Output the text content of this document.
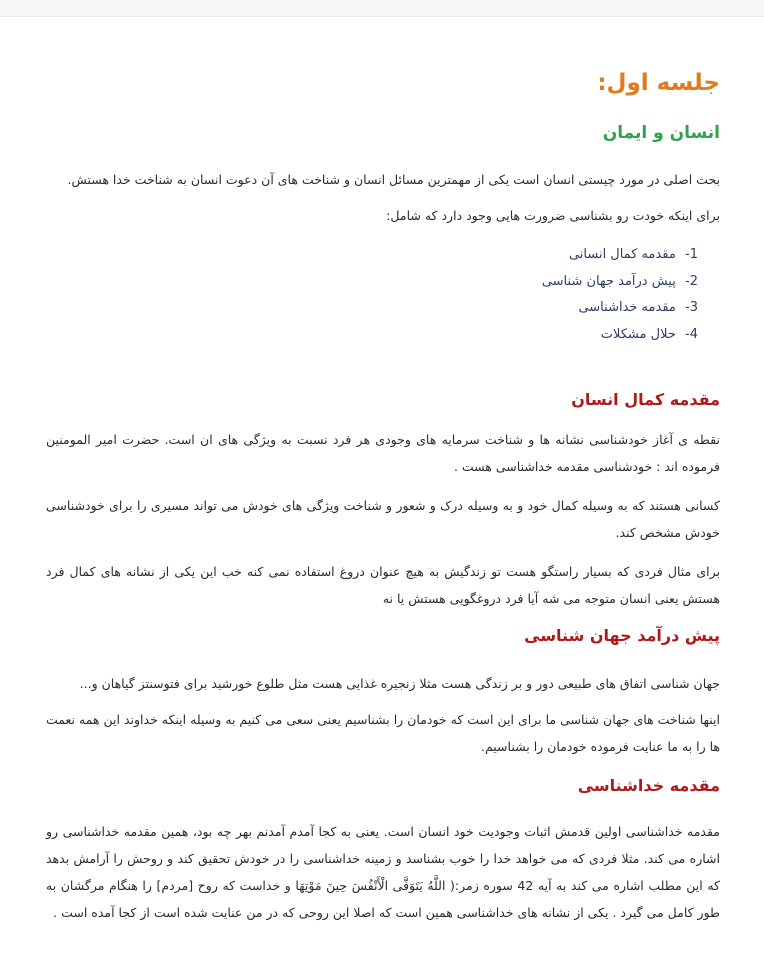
جلسه اول:
انسان و ایمان

بحث اصلی در مورد چیستی انسان است یکی از مهمترین مسائل انسان و شناخت های آن دعوت انسان به شناخت خدا هستش.

برای اینکه خودت رو بشناسی ضرورت هایی وجود دارد که شامل:

1- مقدمه کمال انسانی
2- پیش درآمد جهان شناسی
3- مقدمه خداشناسی
4- حلال مشکلات
مقدمه کمال انسان

نقطه ی آغاز خودشناسی نشانه ها و شناخت سرمایه های وجودی هر فرد نسبت به ویژگی های ان است. حضرت امیر المومنین فرموده اند : خودشناسی مقدمه خداشناسی هست .

کسانی هستند که به وسیله کمال خود و به وسیله درک و شعور و شناخت ویژگی های خودش می تواند مسیری را برای خودشناسی خودش مشخص کند.

برای مثال فردی که بسیار راستگو هست تو زندگیش به هیچ عنوان دروغ استفاده نمی کنه خب این یکی از نشانه های کمال فرد هستش یعنی انسان متوجه می شه آیا فرد دروغگویی هستش یا نه

پیش درآمد جهان شناسی

جهان شناسی اتفاق های طبیعی دور و بر زندگی هست مثلا زنجیره غذایی هست مثل طلوع خورشید برای فتوسنتز گیاهان و...

اینها شناخت های جهان شناسی ما برای این است که خودمان را بشناسیم یعنی سعی می کنیم به وسیله اینکه خداوند این همه نعمت ها را به ما عنایت فرموده خودمان را بشناسیم.

مقدمه خداشناسی

مقدمه خداشناسی اولین قدمش اثبات وجودیت خود انسان است. یعنی به کجا آمدم آمدنم بهر چه بود، همین مقدمه خداشناسی رو اشاره می کند. مثلا فردی که می خواهد خدا را خوب بشناسد و زمینه خداشناسی را در خودش تحقیق کند و روحش را آرامش بدهد که این مطلب اشاره می کند به آیه 42 سوره زمر:( اللَّهُ يَتَوَفَّى الْأَنْفُسَ حِينَ مَوْتِهَا و خداست که روح [مردم] را هنگام مرگشان به طور کامل می گیرد . یکی از نشانه های خداشناسی همین است که اصلا این روحی که در من عنایت شده است از کجا آمده است .
